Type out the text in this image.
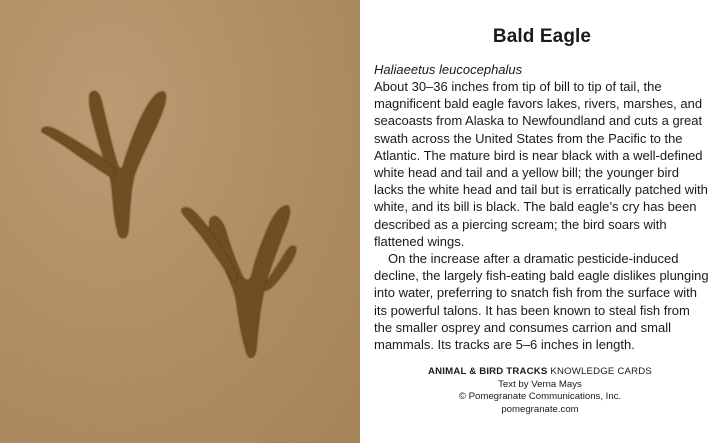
Bald Eagle

Haliaeetus leucocephalus

About 30–36 inches from tip of bill to tip of tail, the magnificent bald eagle favors lakes, rivers, marshes, and seacoasts from Alaska to Newfoundland and cuts a great swath across the United States from the Pacific to the Atlantic. The mature bird is near black with a well-defined white head and tail and a yellow bill; the younger bird lacks the white head and tail but is erratically patched with white, and its bill is black. The bald eagle’s cry has been described as a piercing scream; the bird soars with flattened wings.

On the increase after a dramatic pesticide-induced decline, the largely fish-eating bald eagle dislikes plunging into water, preferring to snatch fish from the surface with its powerful talons. It has been known to steal fish from the smaller osprey and consumes carrion and small mammals. Its tracks are 5–6 inches in length.

ANIMAL & BIRD TRACKS KNOWLEDGE CARDS
Text by Verna Mays
© Pomegranate Communications, Inc.
pomegranate.com
